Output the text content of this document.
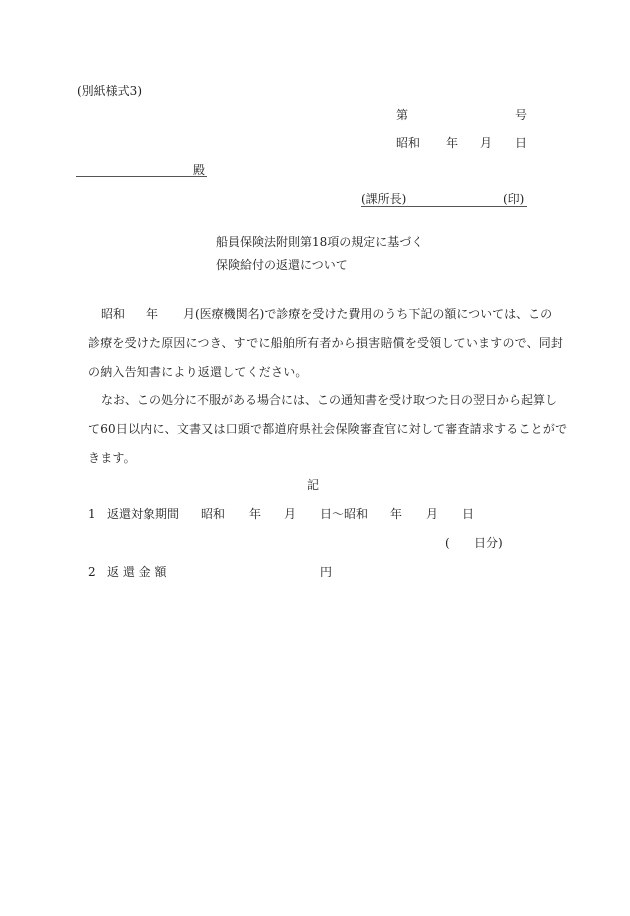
(別紙様式3)
第	号
昭和 年 月 日
殿
(課所長)	(印)
船員保険法附則第18項の規定に基づく
保険給付の返還について
昭和 年 月(医療機関名)で診療を受けた費用のうち下記の額については、この
診療を受けた原因につき、すでに船舶所有者から損害賠償を受領していますので、同封
の納入告知書により返還してください。
なお、この処分に不服がある場合には、この通知書を受け取つた日の翌日から起算し
て60日以内に、文書又は口頭で都道府県社会保険審査官に対して審査請求することがで
きます。
記
1 返還対象期間 昭和 年 月 日〜昭和 年 月 日
( 日分)
2 返 還 金 額	円
